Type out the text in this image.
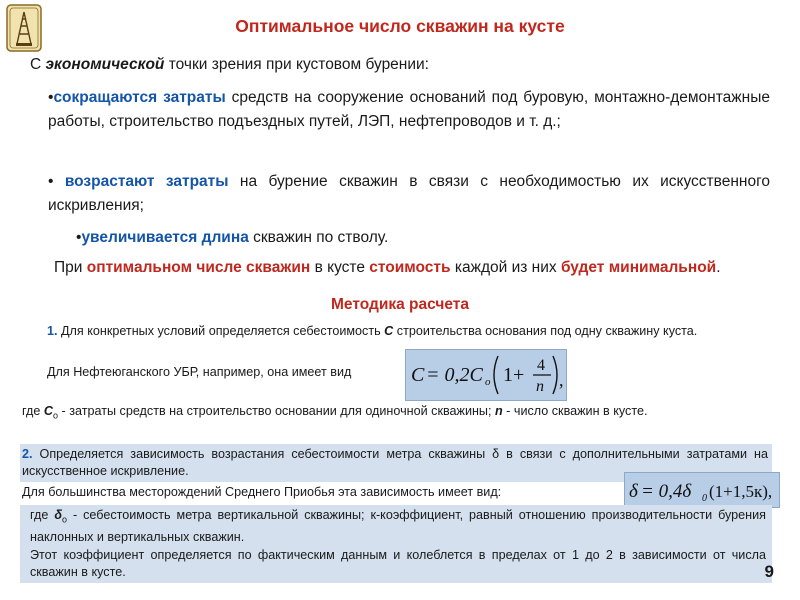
Оптимальное число скважин на кусте
С экономической точки зрения при кустовом бурении:
•сокращаются затраты средств на сооружение оснований под буровую, монтажно-демонтажные работы, строительство подъездных путей, ЛЭП, нефтепроводов и т. д.;
• возрастают затраты на бурение скважин в связи с необходимостью их искусственного искривления;
•увеличивается длина скважин по стволу.
При оптимальном числе скважин в кусте стоимость каждой из них будет минимальной.
Методика расчета
1. Для конкретных условий определяется себестоимость С строительства основания под одну скважину куста.
Для Нефтеюганского УБР, например, она имеет вид	C = 0,2C o 1+ 4
n ,
где $С_о$ - затраты средств на строительство основании для одиночной скважины; n - число скважин в кусте.
2. Определяется зависимость возрастания себестоимости метра скважины δ в связи с дополнительными затратами на искусственное искривление.
Для большинства месторождений Среднего Приобья эта зависимость имеет вид:	δ = 0,4δ 0 (1+1,5к),
где $\delta_о$ - себестоимость метра вертикальной скважины; к-коэффициент, равный отношению производительности бурения наклонных и вертикальных скважин.
Этот коэффициент определяется по фактическим данным и колеблется в пределах от 1 до 2 в зависимости от числа скважин в кусте.	9
